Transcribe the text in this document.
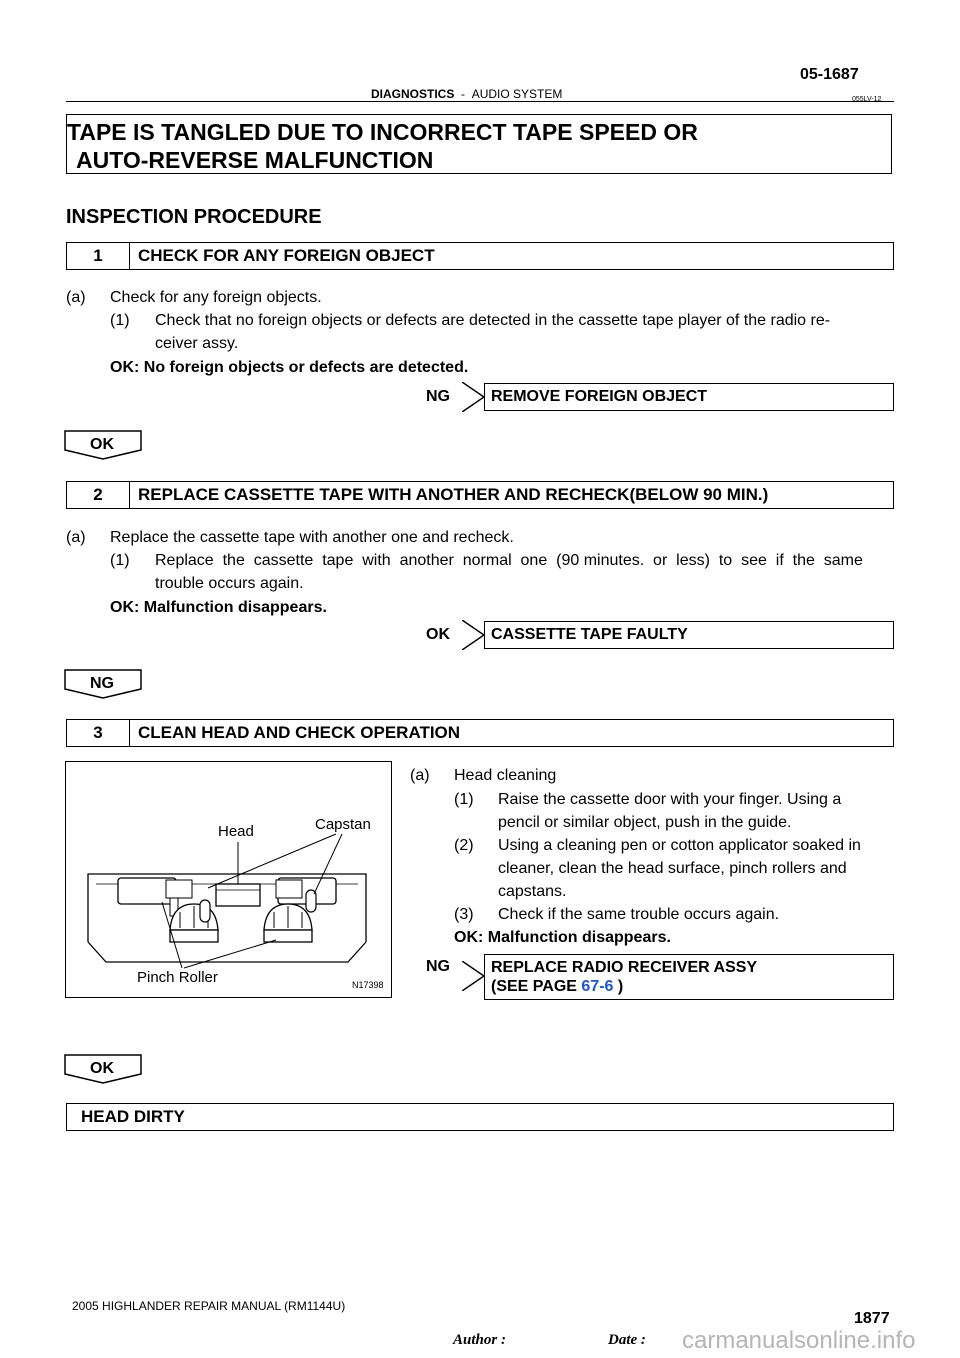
05-1687
DIAGNOSTICS - AUDIO SYSTEM	055LV-12
TAPE IS TANGLED DUE TO INCORRECT TAPE SPEED OR
AUTO-REVERSE MALFUNCTION
INSPECTION PROCEDURE
1	CHECK FOR ANY FOREIGN OBJECT
(a) Check for any foreign objects.
(1) Check that no foreign objects or defects are detected in the cassette tape player of the radio re-
ceiver assy.
OK: No foreign objects or defects are detected.
NG	REMOVE FOREIGN OBJECT
OK
2	REPLACE CASSETTE TAPE WITH ANOTHER AND RECHECK(BELOW 90 MIN.)
(a) Replace the cassette tape with another one and recheck.
(1) Replace  the  cassette  tape  with  another  normal  one  (90 minutes.  or  less)  to  see  if  the  same
trouble occurs again.
OK: Malfunction disappears.
OK	CASSETTE TAPE FAULTY
NG
3	CLEAN HEAD AND CHECK OPERATION
Head	Capstan
Pinch Roller	N17398
(a) Head cleaning
(1) Raise the cassette door with your finger. Using a
pencil or similar object, push in the guide.
(2) Using a cleaning pen or cotton applicator soaked in
cleaner, clean the head surface, pinch rollers and
capstans.
(3) Check if the same trouble occurs again.
OK: Malfunction disappears.
NG	REPLACE RADIO RECEIVER ASSY
(SEE PAGE 67-6 )
OK
HEAD DIRTY
2005 HIGHLANDER REPAIR MANUAL (RM1144U)
1877
Author :	Date : carmanualsonline.info
